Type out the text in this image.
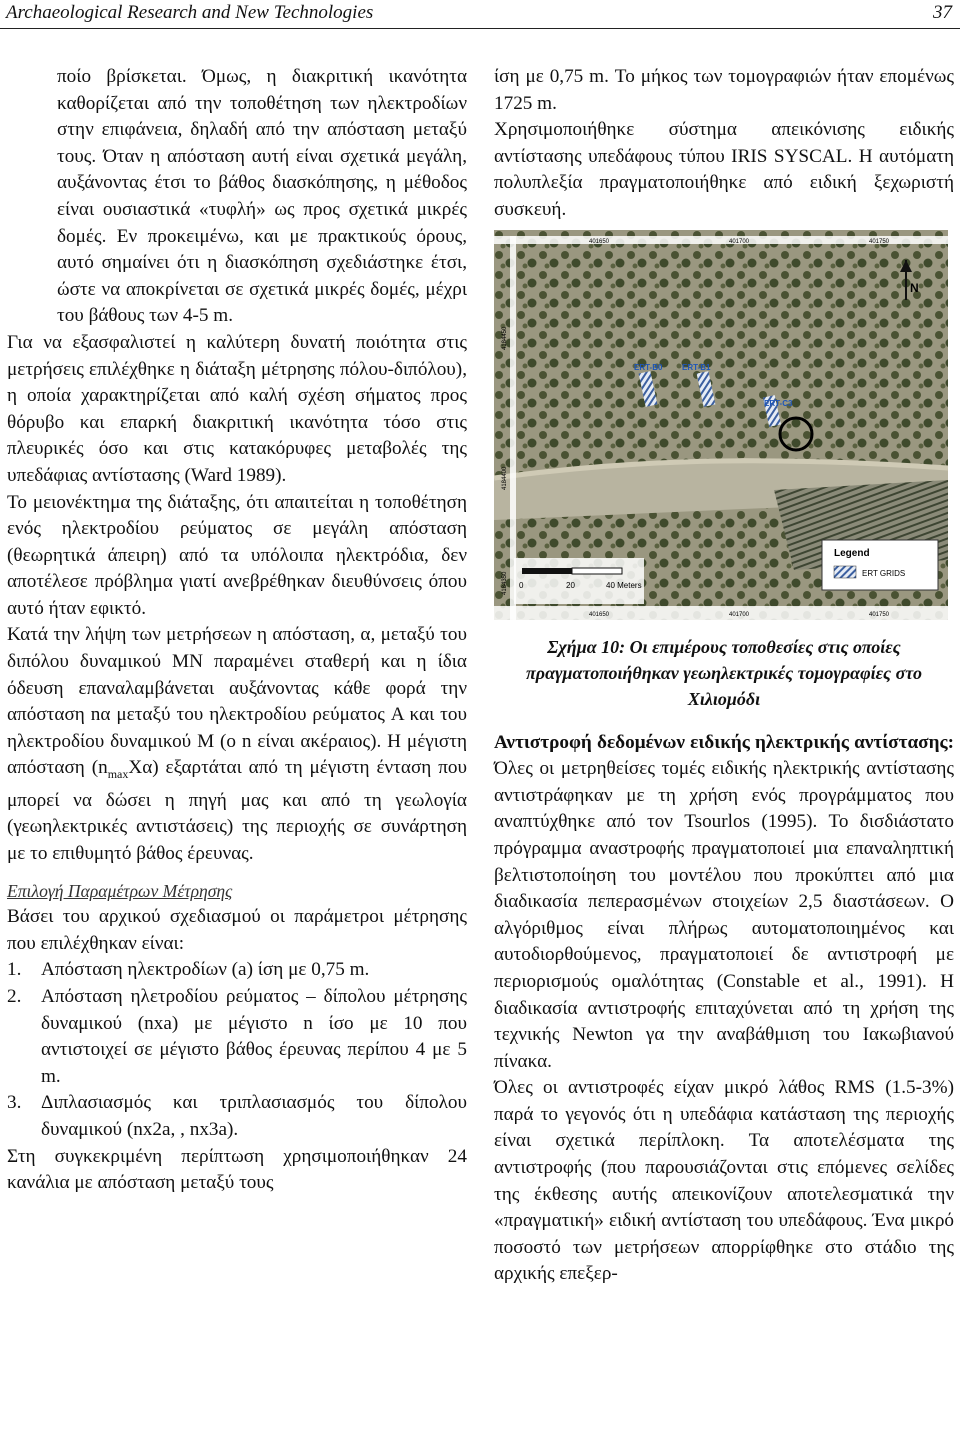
Archaeological Research and New Technologies	37

ποίο βρίσκεται. Όμως, η διακριτική ικανότητα καθορίζεται από την τοποθέτηση των ηλεκτροδίων στην επιφάνεια, δηλαδή από την απόσταση μεταξύ τους. Όταν η απόσταση αυτή είναι σχετικά μεγάλη, αυξάνοντας έτσι το βάθος διασκόπησης, η μέθοδος είναι ουσιαστικά «τυφλή» ως προς σχετικά μικρές δομές. Εν προκειμένω, και με πρακτικούς όρους, αυτό σημαίνει ότι η διασκόπηση σχεδιάστηκε έτσι, ώστε να αποκρίνεται σε σχετικά μικρές δομές, μέχρι του βάθους των 4-5 m.

Για να εξασφαλιστεί η καλύτερη δυνατή ποιότητα στις μετρήσεις επιλέχθηκε η διάταξη μέτρησης πόλου-διπόλου), η οποία χαρακτηρίζεται από καλή σχέση σήματος προς θόρυβο και επαρκή διακριτική ικανότητα τόσο στις πλευρικές όσο και στις κατακόρυφες μεταβολές της υπεδάφιας αντίστασης (Ward 1989).

Το μειονέκτημα της διάταξης, ότι απαιτείται η τοποθέτηση ενός ηλεκτροδίου ρεύματος σε μεγάλη απόσταση (θεωρητικά άπειρη) από τα υπόλοιπα ηλεκτρόδια, δεν αποτέλεσε πρόβλημα γιατί ανεβρέθηκαν διευθύνσεις όπου αυτό ήταν εφικτό.

Κατά την λήψη των μετρήσεων η απόσταση, α, μεταξύ του διπόλου δυναμικού MN παραμένει σταθερή και η ίδια όδευση επαναλαμβάνεται αυξάνοντας κάθε φορά την απόσταση nα μεταξύ του ηλεκτροδίου ρεύματος A και του ηλεκτροδίου δυναμικού M (ο n είναι ακέραιος). Η μέγιστη απόσταση $(n_{max}X\alpha)$ εξαρτάται από τη μέγιστη ένταση που μπορεί να δώσει η πηγή μας και από τη γεωλογία (γεωηλεκτρικές αντιστάσεις) της περιοχής σε συνάρτηση με το επιθυμητό βάθος έρευνας.

Επιλογή Παραμέτρων Μέτρησης

Βάσει του αρχικού σχεδιασμού οι παράμετροι μέτρησης που επιλέχθηκαν είναι:

1.	Απόσταση ηλεκτροδίων (a) ίση με 0,75 m.
2.	Απόσταση ηλετροδίου ρεύματος – δίπολου μέτρησης δυναμικού (nxa) με μέγιστο n ίσο με 10 που αντιστοιχεί σε μέγιστο βάθος έρευνας περίπου 4 με 5 m.
3.	Διπλασιασμός και τριπλασιασμός του δίπολου δυναμικού (nx2a, , nx3a).

Στη συγκεκριμένη περίπτωση χρησιμοποιήθηκαν 24 κανάλια με απόσταση μεταξύ τους

ίση με 0,75 m. Το μήκος των τομογραφιών ήταν επομένως 1725 m.

Χρησιμοποιήθηκε σύστημα απεικόνισης ειδικής αντίστασης υπεδάφους τύπου IRIS SYSCAL. Η αυτόματη πολυπλεξία πραγματοποιήθηκε από ειδική ξεχωριστή συσκευή.

401650	401700	401750
4184450
4184400
4184350
ERT-B0 ERT-B1
ERT-C3
N
0	20	40 Meters
Legend
ERT GRIDS
401650	401700	401750

Σχήμα 10: Οι επιμέρους τοποθεσίες στις οποίες πραγματοποιήθηκαν γεωηλεκτρικές τομογραφίες στο Χιλιομόδι

Αντιστροφή δεδομένων ειδικής ηλεκτρικής αντίστασης: Όλες οι μετρηθείσες τομές ειδικής ηλεκτρικής αντίστασης αντιστράφηκαν με τη χρήση ενός προγράμματος που αναπτύχθηκε από τον Tsourlos (1995). Το δισδιάστατο πρόγραμμα αναστροφής πραγματοποιεί μια επαναληπτική βελτιστοποίηση του μοντέλου που προκύπτει από μια διαδικασία πεπερασμένων στοιχείων 2,5 διαστάσεων. Ο αλγόριθμος είναι πλήρως αυτοματοποιημένος και αυτοδιορθούμενος, πραγματοποιεί δε αντιστροφή με περιορισμούς ομαλότητας (Constable et al., 1991). Η διαδικασία αντιστροφής επιταχύνεται από τη χρήση της τεχνικής Newton γα την αναβάθμιση του Ιακωβιανού πίνακα.

Όλες οι αντιστροφές είχαν μικρό λάθος RMS (1.5-3%) παρά το γεγονός ότι η υπεδάφια κατάσταση της περιοχής είναι σχετικά περίπλοκη. Τα αποτελέσματα της αντιστροφής (που παρουσιάζονται στις επόμενες σελίδες της έκθεσης αυτής απεικονίζουν αποτελεσματικά την «πραγματική» ειδική αντίσταση του υπεδάφους. Ένα μικρό ποσοστό των μετρήσεων απορρίφθηκε στο στάδιο της αρχικής επεξερ-
